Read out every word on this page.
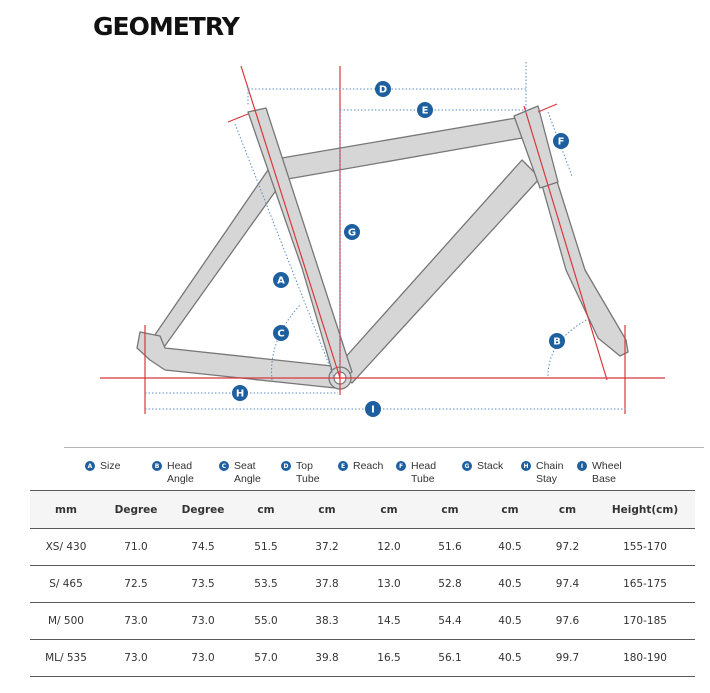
GEOMETRY
D
E
F
G
A
C
B
H
I
A Size	B Head Angle
C Seat Angle
D Top Tube
E Reach	F Head Tube
G Stack	H Chain Stay
I Wheel Base
mm	Degree	Degree	cm	cm	cm	cm	cm	cm	Height(cm)
XS/ 430	71.0	74.5	51.5	37.2	12.0	51.6	40.5	97.2	155-170
S/ 465	72.5	73.5	53.5	37.8	13.0	52.8	40.5	97.4	165-175
M/ 500	73.0	73.0	55.0	38.3	14.5	54.4	40.5	97.6	170-185
ML/ 535	73.0	73.0	57.0	39.8	16.5	56.1	40.5	99.7	180-190
